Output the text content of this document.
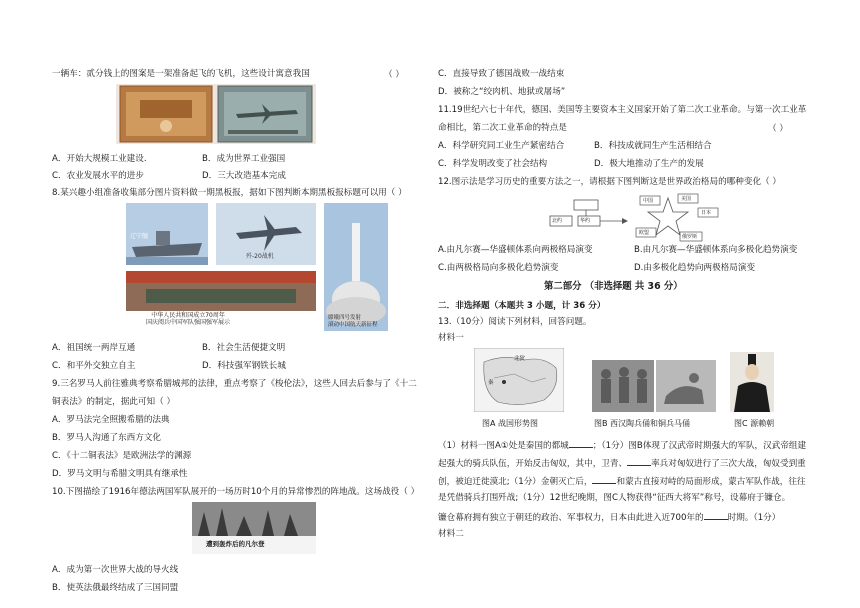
一辆车：贰分钱上的图案是一架准备起飞的飞机，这些设计寓意我国	（ ）
A．开始大规模工业建设.	B．成为世界工业强国
C．农业发展水平的进步	D．三大改造基本完成
8.某兴趣小组准备收集部分图片资料做一期黑板报，据如下图判断本期黑板报标题可以用（ ）
辽宁舰
歼-20战机
中华人民共和国成立70周年
国庆阅兵中国军队强国强军展示
嫦娥四号发射
滚动中国航天新征程
A．祖国统一两岸互通	B．社会生活便捷文明
C．和平外交独立自主	D．科技强军钢铁长城
9.三名罗马人前往雅典考察希腊城邦的法律，重点考察了《梭伦法》，这些人回去后参与了《十二
铜表法》的制定，据此可知（ ）
A．罗马法完全照搬希腊的法典
B．罗马人沟通了东西方文化
C．《十二铜表法》是欧洲法学的渊源
D．罗马文明与希腊文明具有继承性
10.下图描绘了1916年德法两国军队展开的一场历时10个月的异常惨烈的阵地战。这场战役（ ）
遭到轰炸后的凡尔登
A．成为第一次世界大战的导火线
B．使英法俄最终结成了三国同盟
C．直接导致了德国战败一战结束
D．被称之“绞肉机、地狱或屠场”
11.19世纪六七十年代，德国、美国等主要资本主义国家开始了第二次工业革命。与第一次工业革
命相比，第二次工业革命的特点是	（ ）
A．科学研究同工业生产紧密结合	B．科技成就同生产生活相结合
C．科学发明改变了社会结构	D．极大地推动了生产的发展
12.图示法是学习历史的重要方法之一，请根据下图判断这是世界政治格局的哪种变化（ ）
北约	华约
中国	美国
日本
欧盟
俄罗斯
A.由凡尔赛—华盛顿体系向两极格局演变	B.由凡尔赛—华盛顿体系向多极化趋势演变
C.由两极格局向多极化趋势演变	D.由多极化趋势向两极格局演变
第二部分 （非选择题 共 36 分）
二．非选择题（本题共 3 小题，计 36 分）
13.（10分）阅读下列材料，回答问题。
材料一
秦
北狄
图A 战国形势图	图B 西汉陶兵俑和铜兵马俑	图C 源赖朝
（1）材料一图A①处是秦国的都城	；（1分）图B体现了汉武帝时期强大的军队，汉武帝组建
起强大的骑兵队伍，开始反击匈奴，其中，卫青、	率兵对匈奴进行了三次大战，匈奴受到重
创，被迫迁徙漠北;（1分）金朝灭亡后，	和蒙古直接对峙的局面形成，蒙古军队作战，往往
是凭借骑兵打围歼战;（1分）12世纪晚期，图C人物获得“征西大将军”称号，设幕府于镰仓。
镰仓幕府拥有独立于朝廷的政治、军事权力，日本由此进入近700年的	时期。（1分）
材料二
